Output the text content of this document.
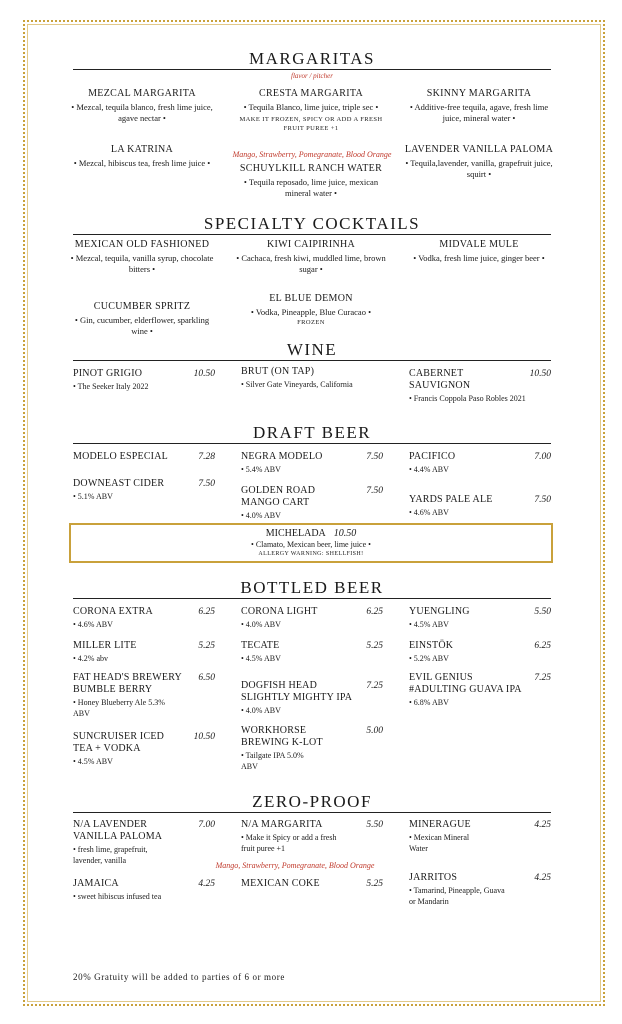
MARGARITAS
flavor / pitcher
MEZCAL MARGARITA
• Mezcal, tequila blanco, fresh lime juice, agave nectar •
CRESTA MARGARITA
• Tequila Blanco, lime juice, triple sec •
MAKE IT FROZEN, SPICY OR ADD A FRESH FRUIT PUREE +1
SKINNY MARGARITA
• Additive-free tequila, agave, fresh lime juice, mineral water •
LA KATRINA
• Mezcal, hibiscus tea, fresh lime juice •
Mango, Strawberry, Pomegranate, Blood Orange
SCHUYLKILL RANCH WATER
• Tequila reposado, lime juice, mexican mineral water •
LAVENDER VANILLA PALOMA
• Tequila,lavender, vanilla, grapefruit juice, squirt •
SPECIALTY COCKTAILS
MEXICAN OLD FASHIONED
• Mezcal, tequila, vanilla syrup, chocolate bitters •
KIWI CAIPIRINHA
• Cachaca, fresh kiwi, muddled lime, brown sugar •
MIDVALE MULE
• Vodka, fresh lime juice, ginger beer •
CUCUMBER SPRITZ
• Gin, cucumber, elderflower, sparkling wine •
EL BLUE DEMON
• Vodka, Pineapple, Blue Curacao •
FROZEN
WINE
PINOT GRIGIO	10.50
• The Seeker Italy 2022
BRUT (ON TAP)
• Silver Gate Vineyards, California
CABERNET SAUVIGNON
10.50
• Francis Coppola Paso Robles 2021
DRAFT BEER
MODELO ESPECIAL	7.28
DOWNEAST CIDER	7.50
• 5.1% ABV
NEGRA MODELO	7.50
• 5.4% ABV
GOLDEN ROAD MANGO CART
7.50
• 4.0% ABV
PACIFICO	7.00
• 4.4% ABV
YARDS PALE ALE	7.50
• 4.6% ABV
MICHELADA 10.50
• Clamato, Mexican beer, lime juice •
ALLERGY WARNING: SHELLFISH!
BOTTLED BEER
CORONA EXTRA	6.25
• 4.6% ABV
MILLER LITE	5.25
• 4.2% abv
FAT HEAD'S BREWERY BUMBLE BERRY
6.50
• Honey Blueberry Ale 5.3% ABV
SUNCRUISER ICED TEA + VODKA
10.50
• 4.5% ABV
CORONA LIGHT	6.25
• 4.0% ABV
TECATE	5.25
• 4.5% ABV
DOGFISH HEAD SLIGHTLY MIGHTY IPA
7.25
• 4.0% ABV
WORKHORSE BREWING K-LOT
5.00
• Tailgate IPA 5.0% ABV
YUENGLING	5.50
• 4.5% ABV
EINSTÖK	6.25
• 5.2% ABV
EVIL GENIUS #ADULTING GUAVA IPA
7.25
• 6.8% ABV
ZERO-PROOF
N/A LAVENDER VANILLA PALOMA
7.00
• fresh lime, grapefruit, lavender, vanilla
JAMAICA	4.25
• sweet hibiscus infused tea
N/A MARGARITA	5.50
• Make it Spicy or add a fresh fruit puree +1
Mango, Strawberry, Pomegranate, Blood Orange
MEXICAN COKE	5.25
MINERAGUE	4.25
• Mexican Mineral Water
JARRITOS	4.25
• Tamarind, Pineapple, Guava or Mandarin
20% Gratuity will be added to parties of 6 or more
